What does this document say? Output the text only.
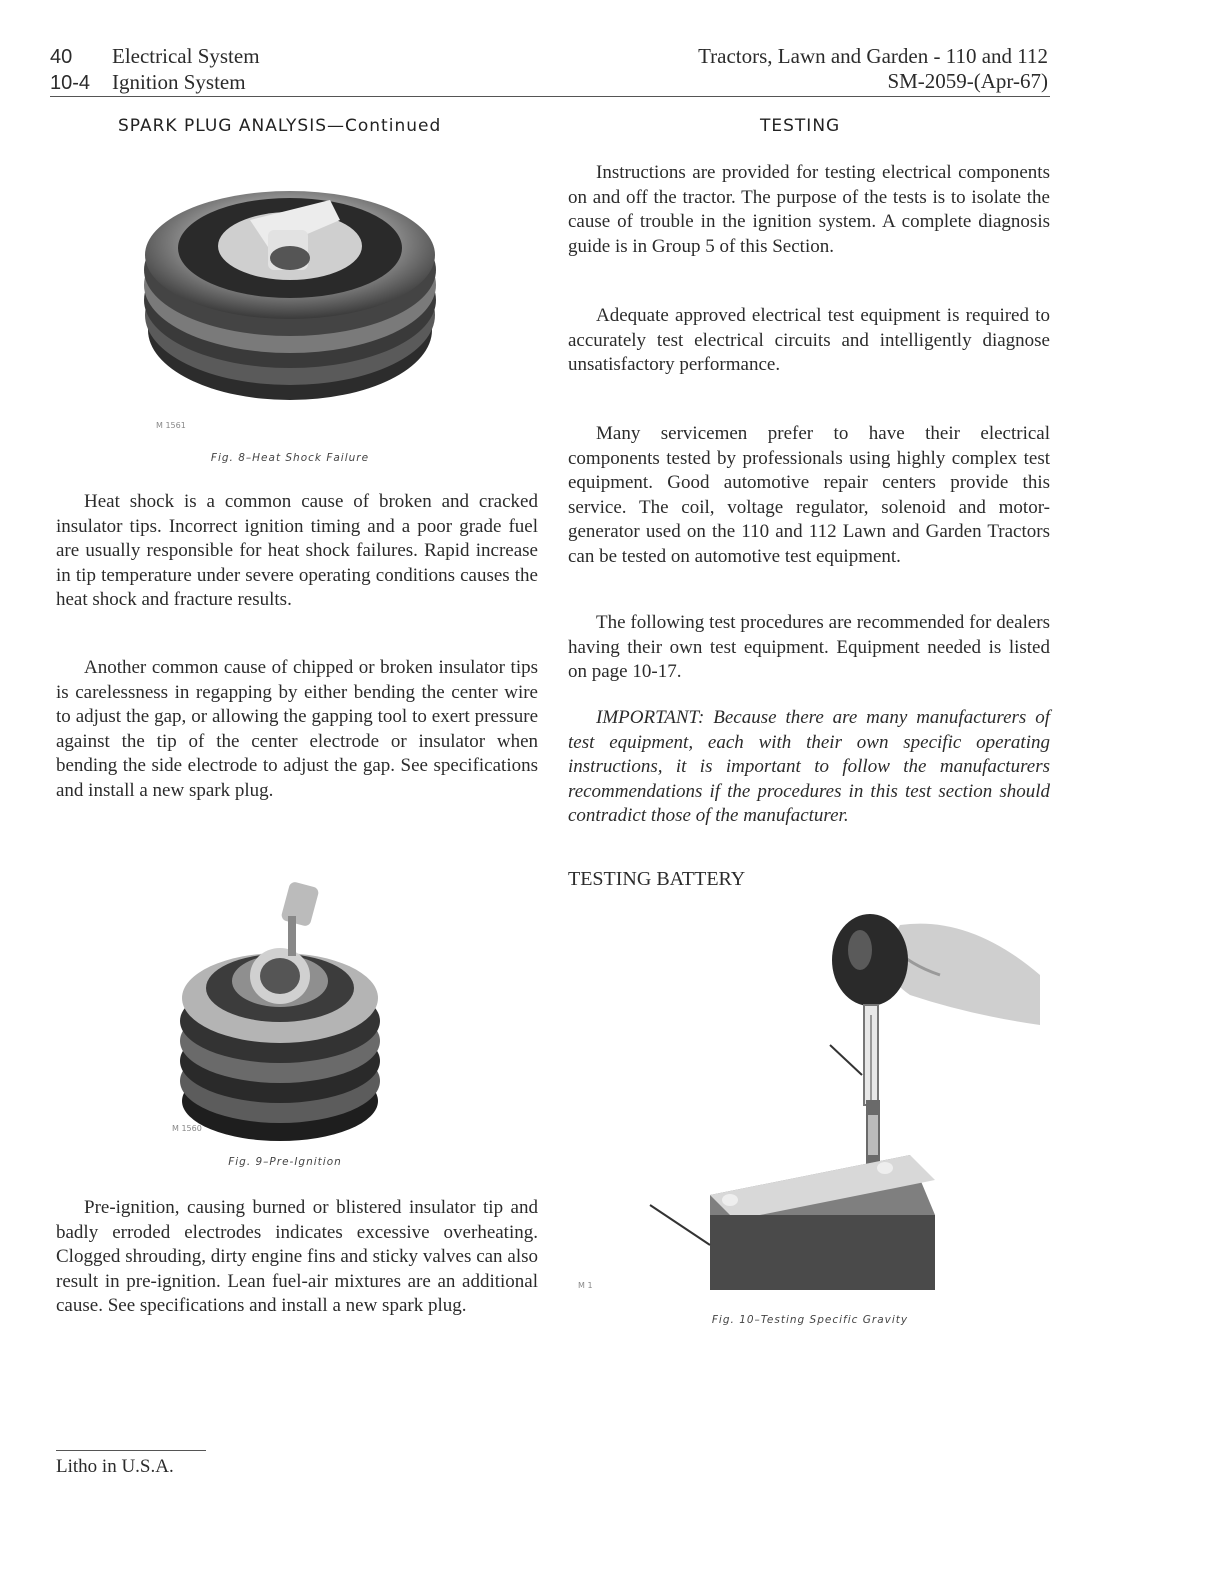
40 Electrical System
10-4 Ignition System
Tractors, Lawn and Garden - 110 and 112
SM-2059-(Apr-67)
SPARK PLUG ANALYSIS—Continued
M 1561
Fig. 8–Heat Shock Failure

Heat shock is a common cause of broken and cracked insulator tips. Incorrect ignition timing and a poor grade fuel are usually responsible for heat shock failures. Rapid increase in tip temperature under severe operating conditions causes the heat shock and fracture results.

Another common cause of chipped or broken insulator tips is carelessness in regapping by either bending the center wire to adjust the gap, or allowing the gapping tool to exert pressure against the tip of the center electrode or insulator when bending the side electrode to adjust the gap. See specifications and install a new spark plug.

M 1560
Fig. 9–Pre-Ignition

Pre-ignition, causing burned or blistered insulator tip and badly erroded electrodes indicates excessive overheating. Clogged shrouding, dirty engine fins and sticky valves can also result in pre-ignition. Lean fuel-air mixtures are an additional cause. See specifications and install a new spark plug.

TESTING

Instructions are provided for testing electrical components on and off the tractor. The purpose of the tests is to isolate the cause of trouble in the ignition system. A complete diagnosis guide is in Group 5 of this Section.

Adequate approved electrical test equipment is required to accurately test electrical circuits and intelligently diagnose unsatisfactory performance.

Many servicemen prefer to have their electrical components tested by professionals using highly complex test equipment. Good automotive repair centers provide this service. The coil, voltage regulator, solenoid and motor-generator used on the 110 and 112 Lawn and Garden Tractors can be tested on automotive test equipment.

The following test procedures are recommended for dealers having their own test equipment. Equipment needed is listed on page 10-17.

IMPORTANT: Because there are many manufacturers of test equipment, each with their own specific operating instructions, it is important to follow the manufacturers recommendations if the procedures in this test section should contradict those of the manufacturer.

TESTING BATTERY
M 1
Fig. 10–Testing Specific Gravity
Litho in U.S.A.
